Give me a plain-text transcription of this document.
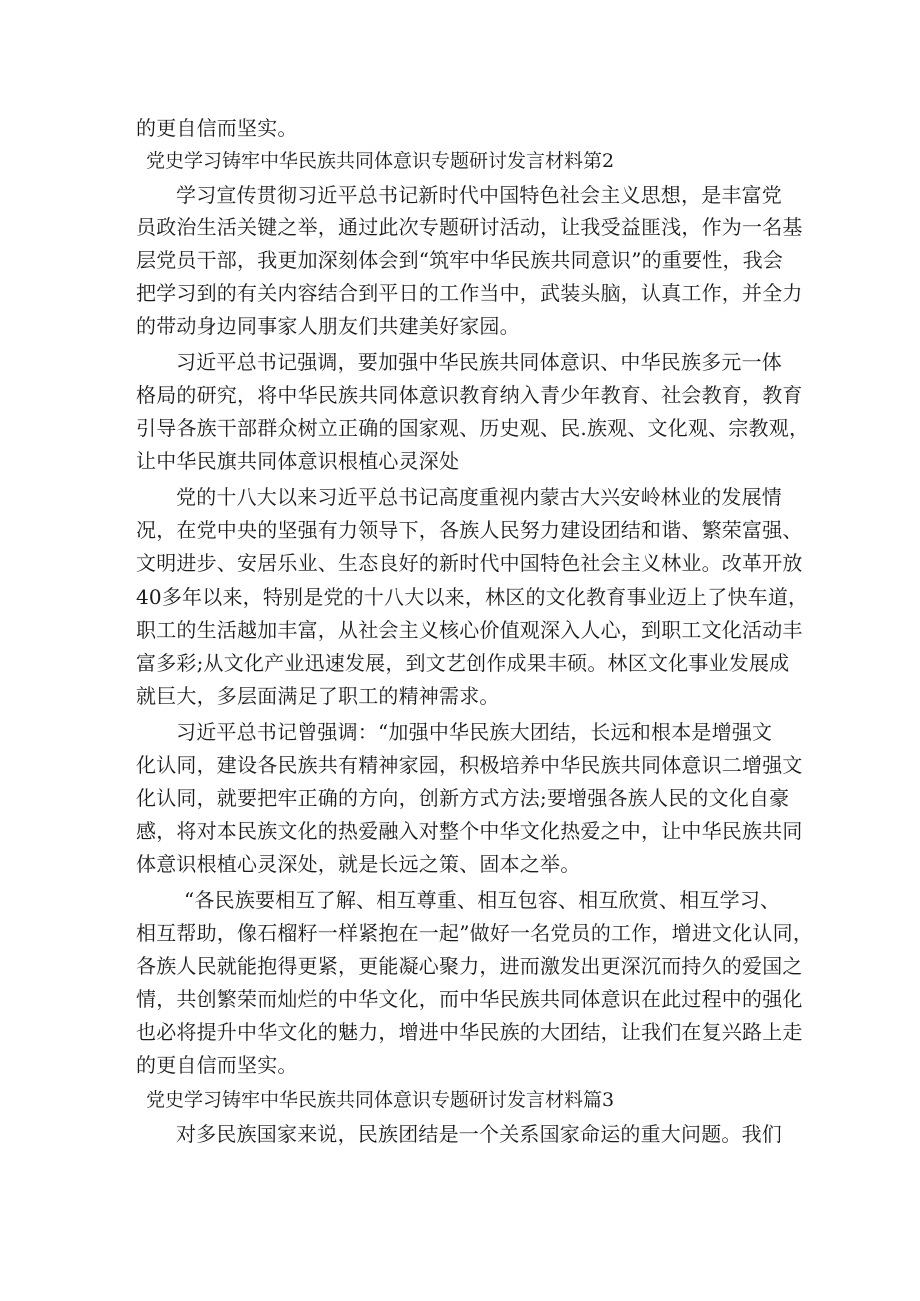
的更自信而坚实。
党史学习铸牢中华民族共同体意识专题研讨发言材料第2
学习宣传贯彻习近平总书记新时代中国特色社会主义思想，是丰富党
员政治生活关键之举，通过此次专题研讨活动，让我受益匪浅，作为一名基
层党员干部，我更加深刻体会到“筑牢中华民族共同意识”的重要性，我会
把学习到的有关内容结合到平日的工作当中，武装头脑，认真工作，并全力
的带动身边同事家人朋友们共建美好家园。
习近平总书记强调，要加强中华民族共同体意识、中华民族多元一体
格局的研究，将中华民族共同体意识教育纳入青少年教育、社会教育，教育
引导各族干部群众树立正确的国家观、历史观、民.族观、文化观、宗教观，
让中华民旗共同体意识根植心灵深处
党的十八大以来习近平总书记高度重视内蒙古大兴安岭林业的发展情
况，在党中央的坚强有力领导下，各族人民努力建设团结和谐、繁荣富强、
文明进步、安居乐业、生态良好的新时代中国特色社会主义林业。改革开放
40多年以来，特别是党的十八大以来，林区的文化教育事业迈上了快车道，
职工的生活越加丰富，从社会主义核心价值观深入人心，到职工文化活动丰
富多彩;从文化产业迅速发展，到文艺创作成果丰硕。林区文化事业发展成
就巨大，多层面满足了职工的精神需求。
习近平总书记曾强调：“加强中华民族大团结，长远和根本是增强文
化认同，建设各民族共有精神家园，积极培养中华民族共同体意识二增强文
化认同，就要把牢正确的方向，创新方式方法;要增强各族人民的文化自豪
感，将对本民族文化的热爱融入对整个中华文化热爱之中，让中华民族共同
体意识根植心灵深处，就是长远之策、固本之举。
“各民族要相互了解、相互尊重、相互包容、相互欣赏、相互学习、
相互帮助，像石榴籽一样紧抱在一起”做好一名党员的工作，增进文化认同，
各族人民就能抱得更紧，更能凝心聚力，进而激发出更深沉而持久的爱国之
情，共创繁荣而灿烂的中华文化，而中华民族共同体意识在此过程中的强化
也必将提升中华文化的魅力，增进中华民族的大团结，让我们在复兴路上走
的更自信而坚实。
党史学习铸牢中华民族共同体意识专题研讨发言材料篇3
对多民族国家来说，民族团结是一个关系国家命运的重大问题。我们
